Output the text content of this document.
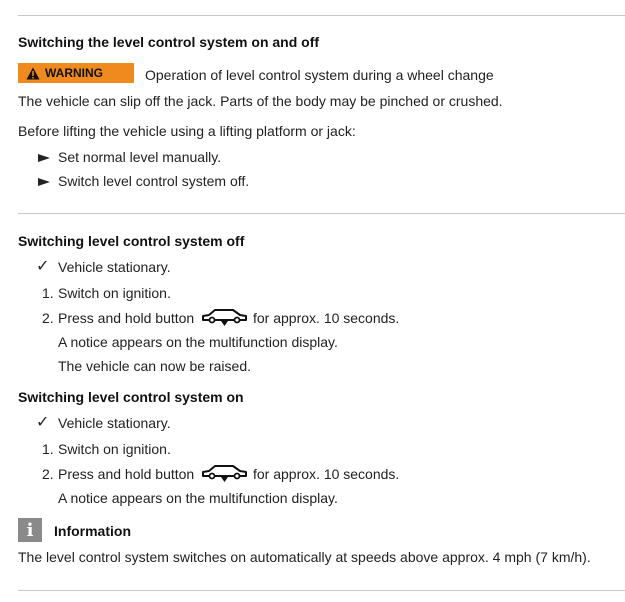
Switching the level control system on and off
WARNING	Operation of level control system during a wheel change
The vehicle can slip off the jack. Parts of the body may be pinched or crushed.
Before lifting the vehicle using a lifting platform or jack:
Set normal level manually.
Switch level control system off.
Switching level control system off
✓ Vehicle stationary.
1. Switch on ignition.
2. Press and hold button	for approx. 10 seconds.
A notice appears on the multifunction display.
The vehicle can now be raised.
Switching level control system on
✓ Vehicle stationary.
1. Switch on ignition.
2. Press and hold button	for approx. 10 seconds.
A notice appears on the multifunction display.
i	Information
The level control system switches on automatically at speeds above approx. 4 mph (7 km/h).
